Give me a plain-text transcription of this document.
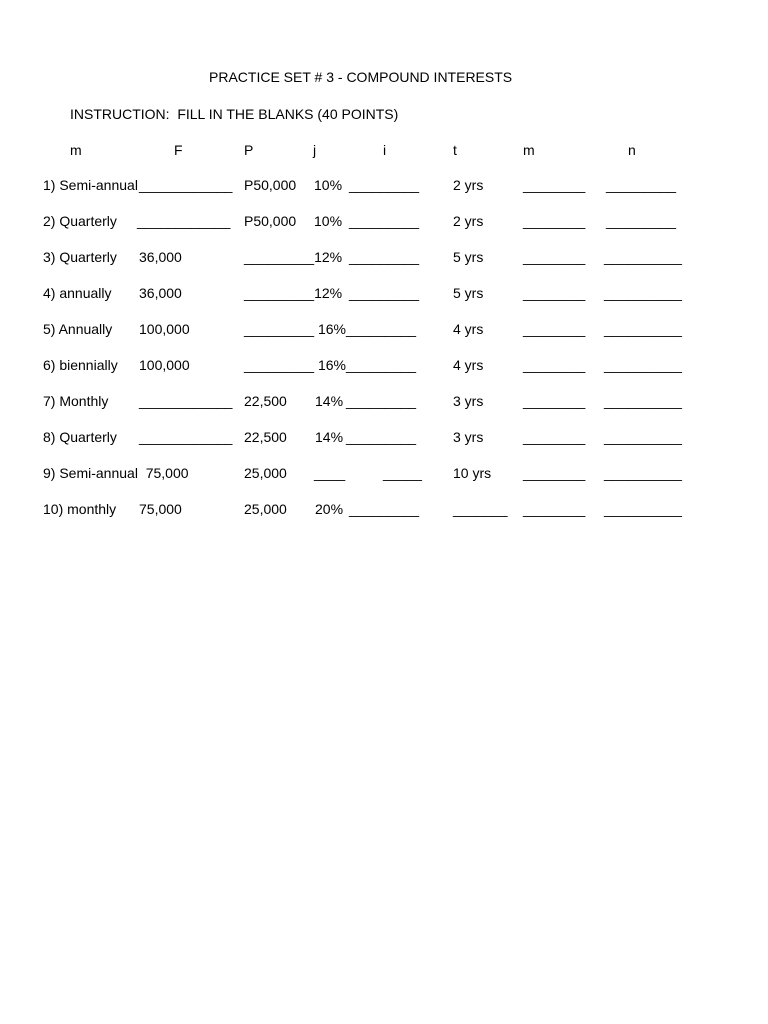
PRACTICE SET # 3 - COMPOUND INTERESTS
INSTRUCTION:  FILL IN THE BLANKS (40 POINTS)
m	F	P	j	i	t	m	n
1) Semi-annual ____________ P50,000 10% _________ 2 yrs	________ _________
2) Quarterly ____________ P50,000 10% _________ 2 yrs	________ _________
3) Quarterly 36,000	_________12% _________ 5 yrs	________ __________
4) annually 36,000	_________12% _________ 5 yrs	________ __________
5) Annually 100,000	_________ 16% _________	4 yrs	________ __________
6) biennially 100,000	_________ 16% _________	4 yrs	________ __________
7) Monthly ____________ 22,500 14% _________	3 yrs	________ __________
8) Quarterly ____________ 22,500 14% _________	3 yrs	________ __________
9) Semi-annual  75,000	25,000 ____	_____ 10 yrs ________ __________
10) monthly 75,000	25,000 20% _________ _______ ________ __________
